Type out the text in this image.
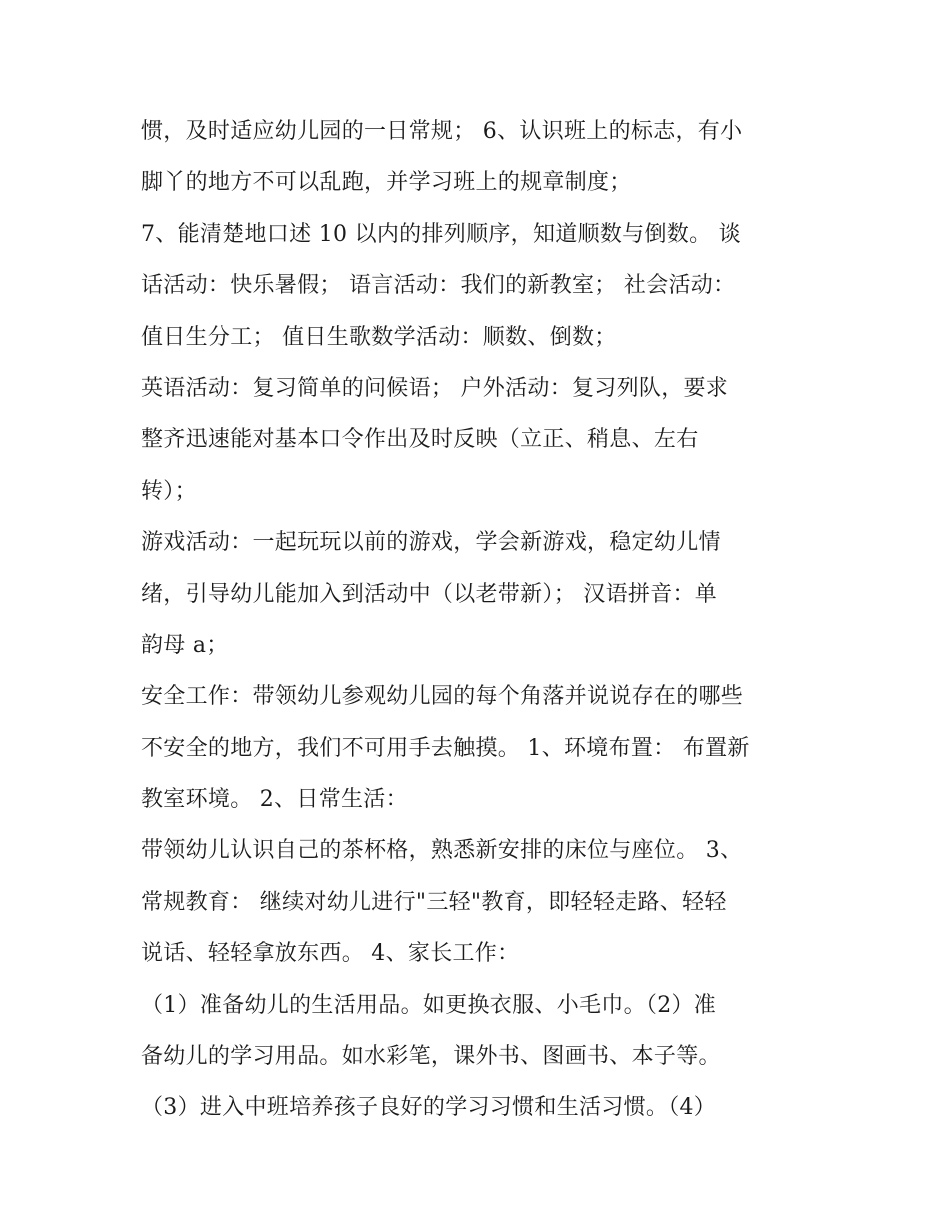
惯，及时适应幼儿园的一日常规； 6、认识班上的标志，有小
脚丫的地方不可以乱跑，并学习班上的规章制度；
7、能清楚地口述 10 以内的排列顺序，知道顺数与倒数。 谈
话活动：快乐暑假； 语言活动：我们的新教室； 社会活动：
值日生分工； 值日生歌数学活动：顺数、倒数；
英语活动：复习简单的问候语； 户外活动：复习列队，要求
整齐迅速能对基本口令作出及时反映（立正、稍息、左右
转）；
游戏活动：一起玩玩以前的游戏，学会新游戏，稳定幼儿情
绪，引导幼儿能加入到活动中（以老带新）； 汉语拼音：单
韵母 a；
安全工作：带领幼儿参观幼儿园的每个角落并说说存在的哪些
不安全的地方，我们不可用手去触摸。 1、环境布置： 布置新
教室环境。 2、日常生活：
带领幼儿认识自己的茶杯格，熟悉新安排的床位与座位。 3、
常规教育： 继续对幼儿进行"三轻"教育，即轻轻走路、轻轻
说话、轻轻拿放东西。 4、家长工作：
（1）准备幼儿的生活用品。如更换衣服、小毛巾。（2）准
备幼儿的学习用品。如水彩笔，课外书、图画书、本子等。
（3）进入中班培养孩子良好的学习习惯和生活习惯。（4）
